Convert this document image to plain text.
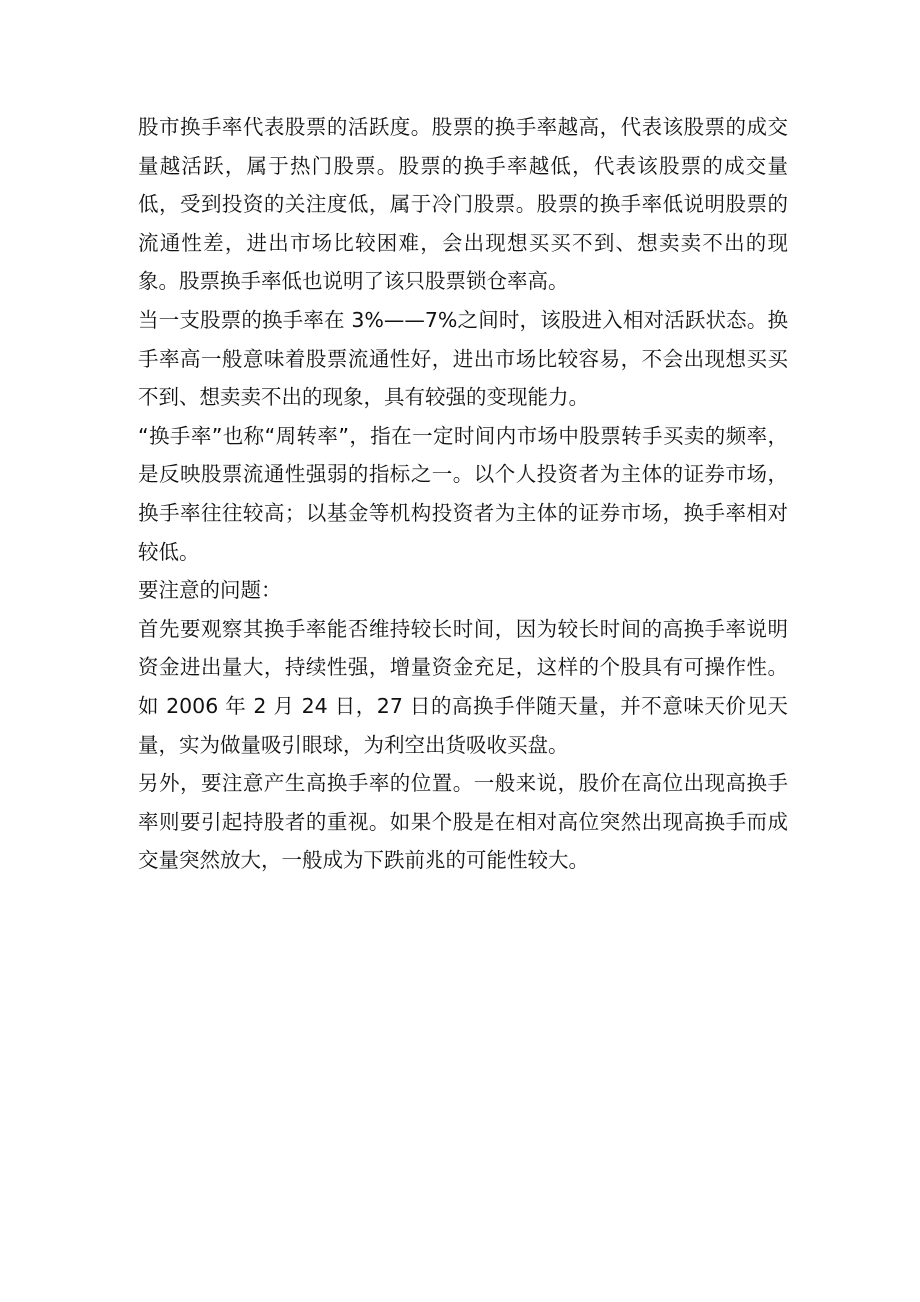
股市换手率代表股票的活跃度。股票的换手率越高，代表该股票的成交量越活跃，属于热门股票。股票的换手率越低，代表该股票的成交量低，受到投资的关注度低，属于冷门股票。股票的换手率低说明股票的流通性差，进出市场比较困难，会出现想买买不到、想卖卖不出的现象。股票换手率低也说明了该只股票锁仓率高。

当一支股票的换手率在 3%——7%之间时，该股进入相对活跃状态。换手率高一般意味着股票流通性好，进出市场比较容易，不会出现想买买不到、想卖卖不出的现象，具有较强的变现能力。

“换手率”也称“周转率”，指在一定时间内市场中股票转手买卖的频率，是反映股票流通性强弱的指标之一。以个人投资者为主体的证券市场，换手率往往较高；以基金等机构投资者为主体的证券市场，换手率相对较低。

要注意的问题：

首先要观察其换手率能否维持较长时间，因为较长时间的高换手率说明资金进出量大，持续性强，增量资金充足，这样的个股具有可操作性。如 2006 年 2 月 24 日，27 日的高换手伴随天量，并不意味天价见天量，实为做量吸引眼球，为利空出货吸收买盘。

另外，要注意产生高换手率的位置。一般来说，股价在高位出现高换手率则要引起持股者的重视。如果个股是在相对高位突然出现高换手而成交量突然放大，一般成为下跌前兆的可能性较大。
